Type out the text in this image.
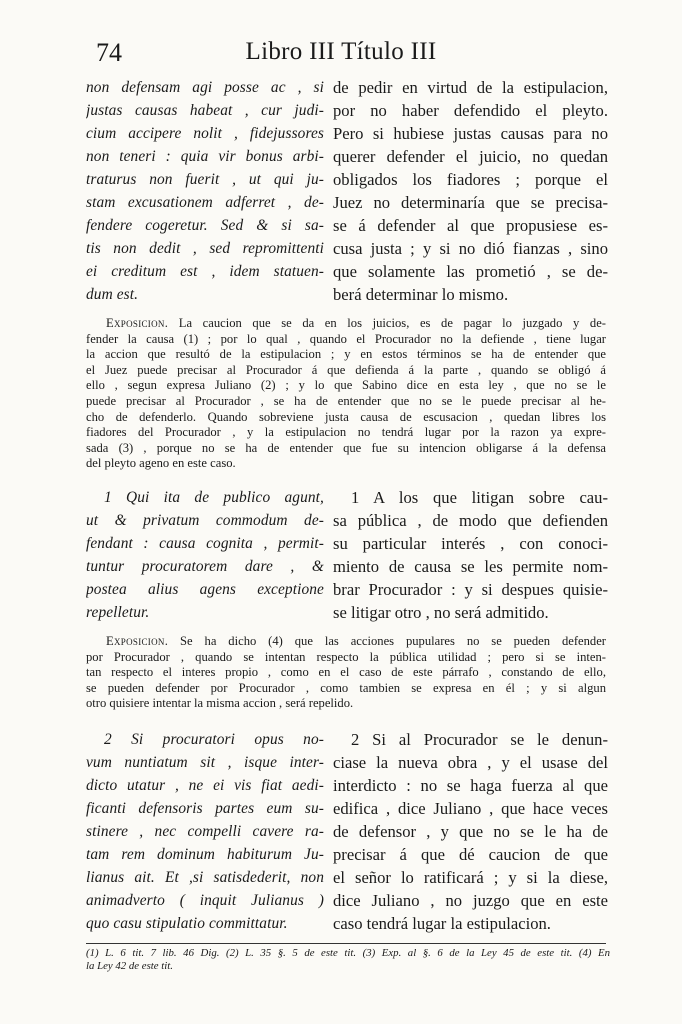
74	Libro III Título III
non defensam agi posse ac , si
justas causas habeat , cur judi-
cium accipere nolit , fidejussores
non teneri : quia vir bonus arbi-
traturus non fuerit , ut qui ju-
stam excusationem adferret , de-
fendere cogeretur. Sed & si sa-
tis non dedit , sed repromittenti
ei creditum est , idem statuen-
dum est.
de pedir en virtud de la estipulacion,
por no haber defendido el pleyto.
Pero si hubiese justas causas para no
querer defender el juicio, no quedan
obligados los fiadores ; porque el
Juez no determinaría que se precisa-
se á defender al que propusiese es-
cusa justa ; y si no dió fianzas , sino
que solamente las prometió , se de-
berá determinar lo mismo.
Exposicion. La caucion que se da en los juicios, es de pagar lo juzgado y de-
fender la causa (1) ; por lo qual , quando el Procurador no la defiende , tiene lugar
la accion que resultó de la estipulacion ; y en estos términos se ha de entender que
el Juez puede precisar al Procurador á que defienda á la parte , quando se obligó á
ello , segun expresa Juliano (2) ; y lo que Sabino dice en esta ley , que no se le
puede precisar al Procurador , se ha de entender que no se le puede precisar al he-
cho de defenderlo. Quando sobreviene justa causa de escusacion , quedan libres los
fiadores del Procurador , y la estipulacion no tendrá lugar por la razon ya expre-
sada (3) , porque no se ha de entender que fue su intencion obligarse á la defensa
del pleyto ageno en este caso.
1 Qui ita de publico agunt,
ut & privatum commodum de-
fendant : causa cognita , permit-
tuntur procuratorem dare , &
postea alius agens exceptione
repelletur.
1 A los que litigan sobre cau-
sa pública , de modo que defienden
su particular interés , con conoci-
miento de causa se les permite nom-
brar Procurador : y si despues quisie-
se litigar otro , no será admitido.
Exposicion. Se ha dicho (4) que las acciones pupulares no se pueden defender
por Procurador , quando se intentan respecto la pública utilidad ; pero si se inten-
tan respecto el interes propio , como en el caso de este párrafo , constando de ello,
se pueden defender por Procurador , como tambien se expresa en él ; y si algun
otro quisiere intentar la misma accion , será repelido.
2 Si procuratori opus no-
vum nuntiatum sit , isque inter-
dicto utatur , ne ei vis fiat aedi-
ficanti defensoris partes eum su-
stinere , nec compelli cavere ra-
tam rem dominum habiturum Ju-
lianus ait. Et ,si satisdederit, non
animadverto ( inquit Julianus )
quo casu stipulatio committatur.
2 Si al Procurador se le denun-
ciase la nueva obra , y el usase del
interdicto : no se haga fuerza al que
edifica , dice Juliano , que hace veces
de defensor , y que no se le ha de
precisar á que dé caucion de que
el señor lo ratificará ; y si la diese,
dice Juliano , no juzgo que en este
caso tendrá lugar la estipulacion.
(1) L. 6 tit. 7 lib. 46 Dig. (2) L. 35 §. 5 de este tit. (3) Exp. al §. 6 de la Ley 45 de este tit. (4) En
la Ley 42 de este tit.
